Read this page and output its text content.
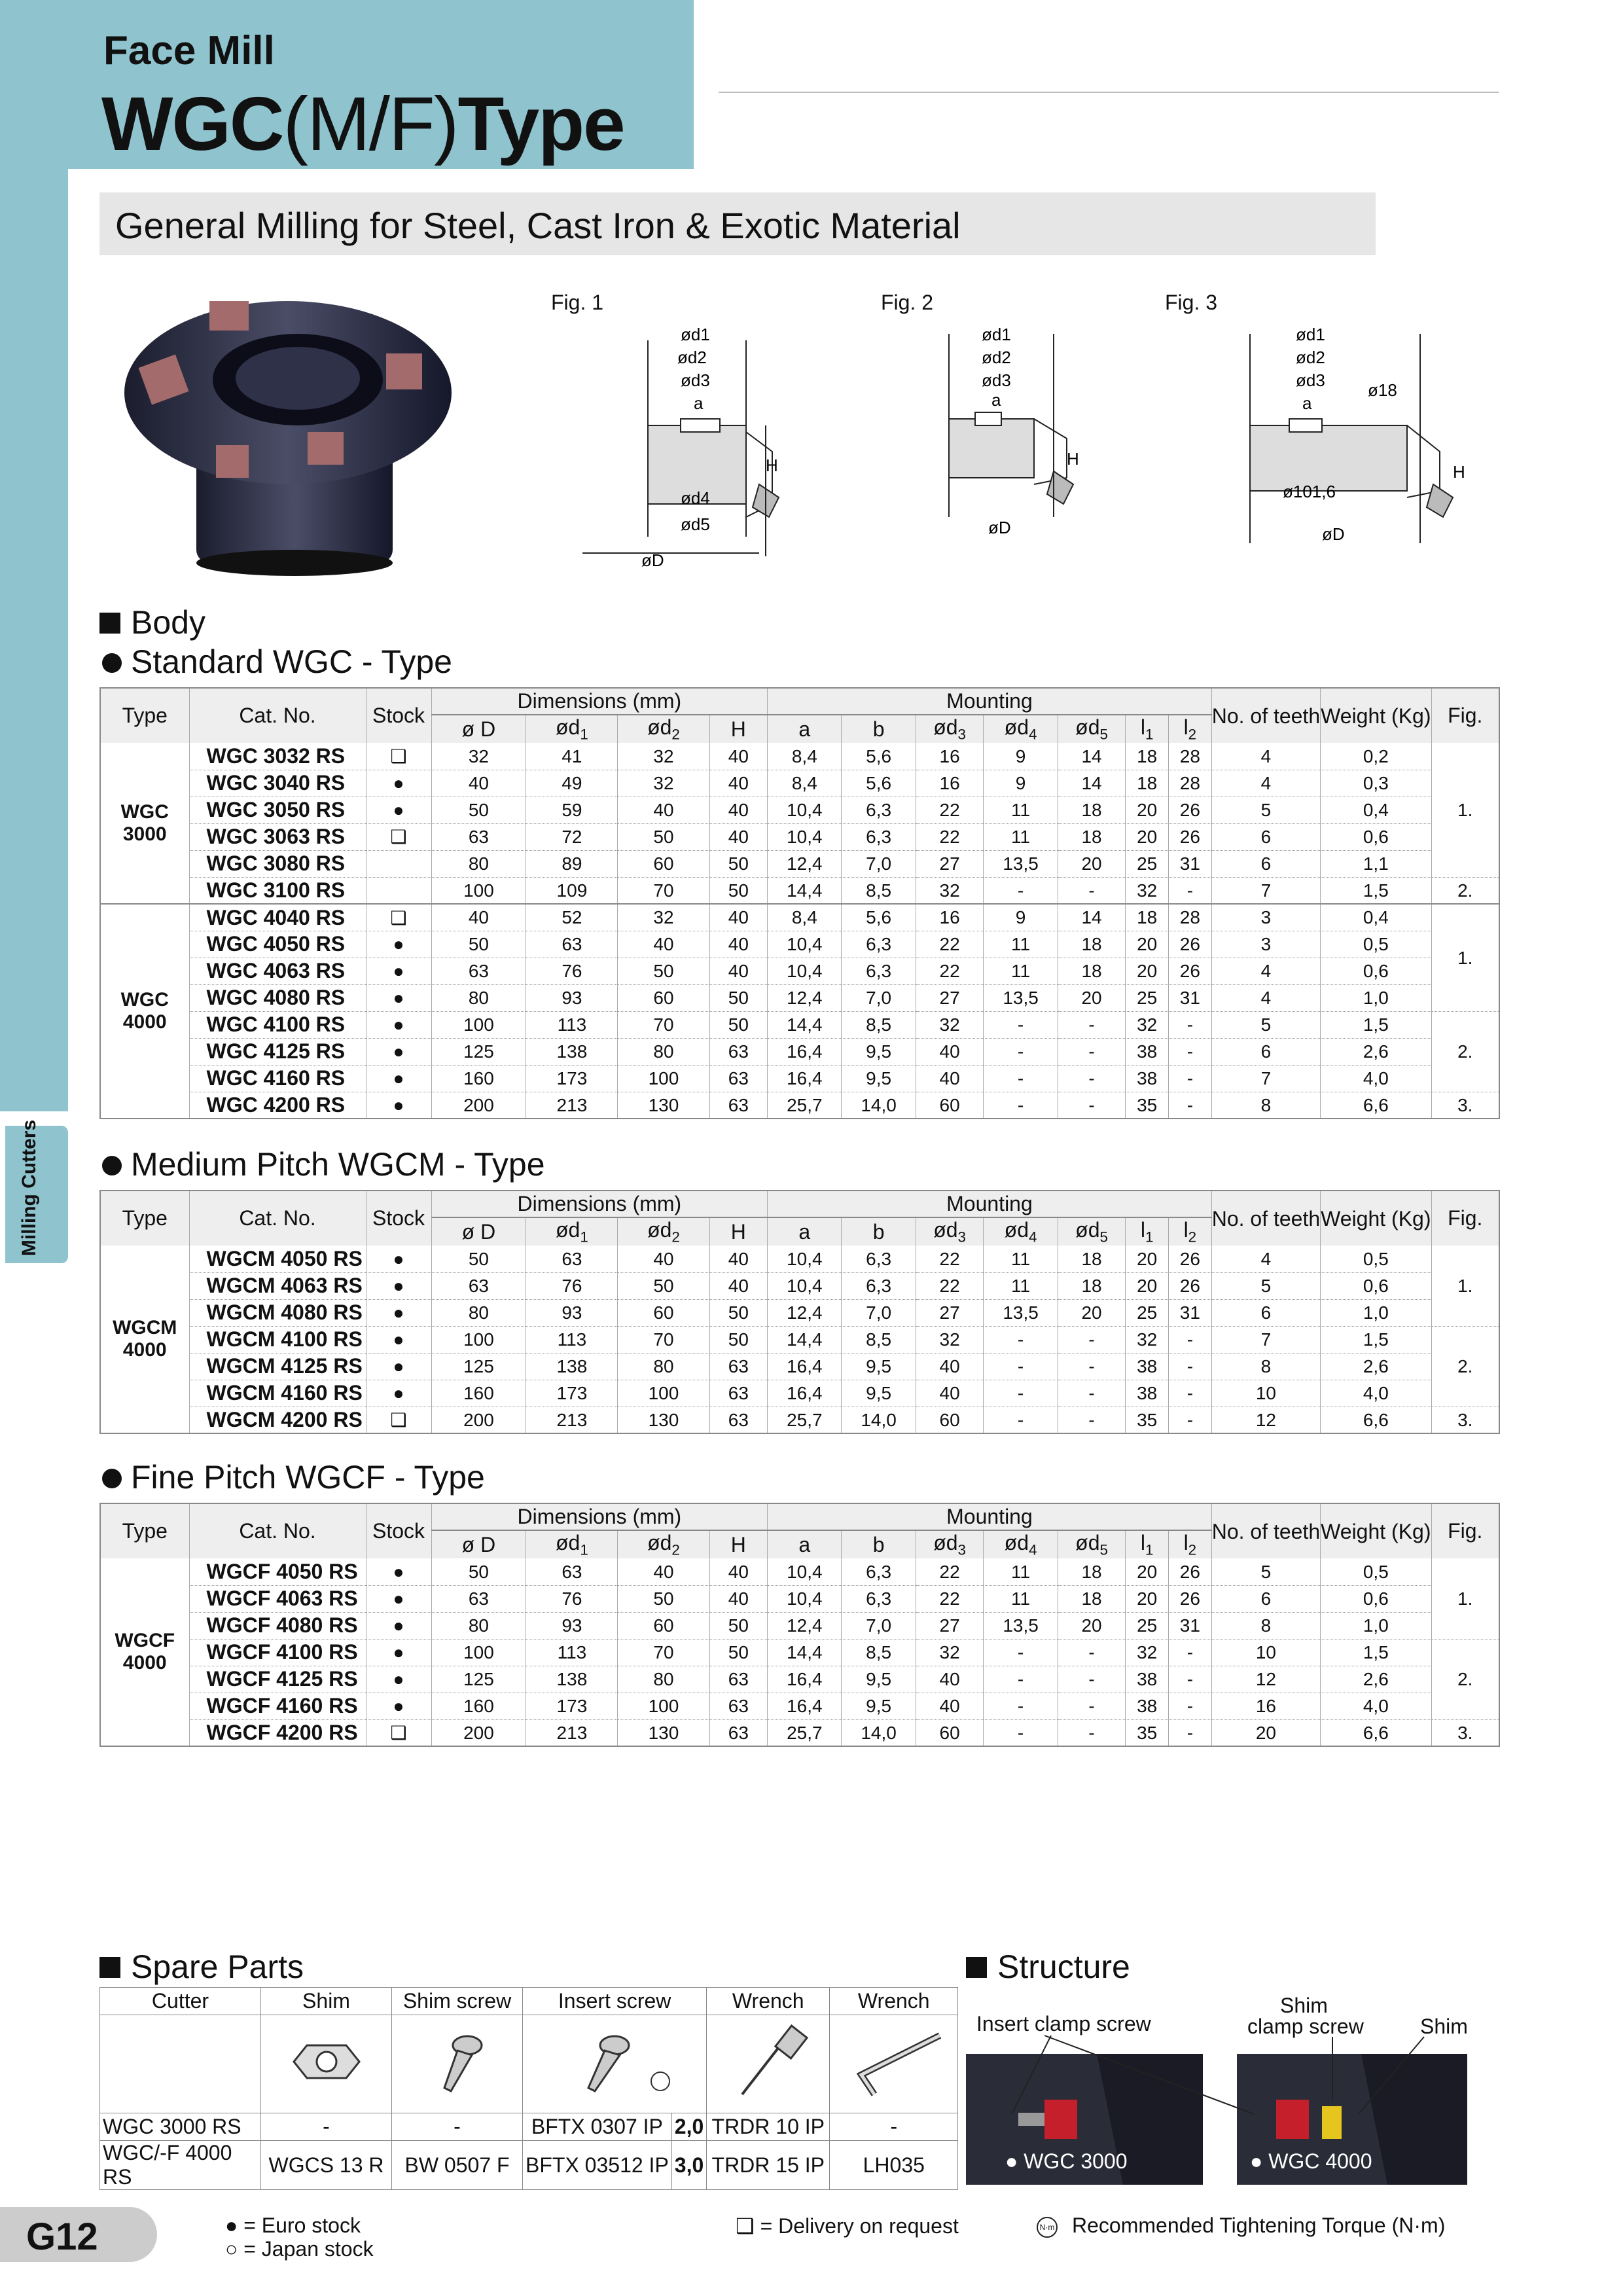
Milling Cutters
Face Mill
WGC(M/F)Type
General Milling for Steel, Cast Iron & Exotic Material
Fig. 1	Fig. 2	Fig. 3
ød1
ød2
ød3
a
ød4
ød5
øD
H
ød1
ød2
ød3
a
øD
H
ød1
ød2
ød3
a
ø18
ø101,6
øD
H
Body
Standard WGC - Type
Medium Pitch WGCM - Type
Fine Pitch WGCF - Type
Type	Cat. No.	Stock	Dimensions (mm)				Mounting							No. of teeth	Weight (Kg)	Fig.
			ø D	$ød_1$	$ød_2$	H	a	b	$ød_3$	$ød_4$	$ød_5$	$l_1$	$l_2$
WGC
3000	WGC 3032 RS	❑	32	41	32	40	8,4	5,6	16	9	14	18	28	4	0,2	1.
	WGC 3040 RS	●	40	49	32	40	8,4	5,6	16	9	14	18	28	4	0,3	
	WGC 3050 RS	●	50	59	40	40	10,4	6,3	22	11	18	20	26	5	0,4	
	WGC 3063 RS	❑	63	72	50	40	10,4	6,3	22	11	18	20	26	6	0,6	
	WGC 3080 RS		80	89	60	50	12,4	7,0	27	13,5	20	25	31	6	1,1	
	WGC 3100 RS		100	109	70	50	14,4	8,5	32	-	-	32	-	7	1,5	2.
WGC
4000	WGC 4040 RS	❑	40	52	32	40	8,4	5,6	16	9	14	18	28	3	0,4	1.
	WGC 4050 RS	●	50	63	40	40	10,4	6,3	22	11	18	20	26	3	0,5	
	WGC 4063 RS	●	63	76	50	40	10,4	6,3	22	11	18	20	26	4	0,6	
	WGC 4080 RS	●	80	93	60	50	12,4	7,0	27	13,5	20	25	31	4	1,0	
	WGC 4100 RS	●	100	113	70	50	14,4	8,5	32	-	-	32	-	5	1,5	2.
	WGC 4125 RS	●	125	138	80	63	16,4	9,5	40	-	-	38	-	6	2,6	
	WGC 4160 RS	●	160	173	100	63	16,4	9,5	40	-	-	38	-	7	4,0	
	WGC 4200 RS	●	200	213	130	63	25,7	14,0	60	-	-	35	-	8	6,6	3.
Type	Cat. No.	Stock	Dimensions (mm)				Mounting							No. of teeth	Weight (Kg)	Fig.
			ø D	$ød_1$	$ød_2$	H	a	b	$ød_3$	$ød_4$	$ød_5$	$l_1$	$l_2$
WGCM
4000	WGCM 4050 RS	●	50	63	40	40	10,4	6,3	22	11	18	20	26	4	0,5	1.
	WGCM 4063 RS	●	63	76	50	40	10,4	6,3	22	11	18	20	26	5	0,6	
	WGCM 4080 RS	●	80	93	60	50	12,4	7,0	27	13,5	20	25	31	6	1,0	
	WGCM 4100 RS	●	100	113	70	50	14,4	8,5	32	-	-	32	-	7	1,5	2.
	WGCM 4125 RS	●	125	138	80	63	16,4	9,5	40	-	-	38	-	8	2,6	
	WGCM 4160 RS	●	160	173	100	63	16,4	9,5	40	-	-	38	-	10	4,0	
	WGCM 4200 RS	❑	200	213	130	63	25,7	14,0	60	-	-	35	-	12	6,6	3.
Type	Cat. No.	Stock	Dimensions (mm)				Mounting							No. of teeth	Weight (Kg)	Fig.
			ø D	$ød_1$	$ød_2$	H	a	b	$ød_3$	$ød_4$	$ød_5$	$l_1$	$l_2$
WGCF
4000	WGCF 4050 RS	●	50	63	40	40	10,4	6,3	22	11	18	20	26	5	0,5	1.
	WGCF 4063 RS	●	63	76	50	40	10,4	6,3	22	11	18	20	26	6	0,6	
	WGCF 4080 RS	●	80	93	60	50	12,4	7,0	27	13,5	20	25	31	8	1,0	
	WGCF 4100 RS	●	100	113	70	50	14,4	8,5	32	-	-	32	-	10	1,5	2.
	WGCF 4125 RS	●	125	138	80	63	16,4	9,5	40	-	-	38	-	12	2,6	
	WGCF 4160 RS	●	160	173	100	63	16,4	9,5	40	-	-	38	-	16	4,0	
	WGCF 4200 RS	❑	200	213	130	63	25,7	14,0	60	-	-	35	-	20	6,6	3.
Spare Parts
Cutter	Shim	Shim screw	Insert screw		Wrench	Wrench

WGC 3000 RS	-	-	BFTX 0307 IP	2,0	TRDR 10 IP	-
WGC/-F 4000 RS	WGCS 13 R	BW 0507 F	BFTX 03512 IP	3,0	TRDR 15 IP	LH035
Structure
Insert clamp screw
Shim
clamp screw	Shim
● WGC 3000	● WGC 4000
G12	● = Euro stock
○ = Japan stock
❑ = Delivery on request	N·m Recommended Tightening Torque (N·m)
